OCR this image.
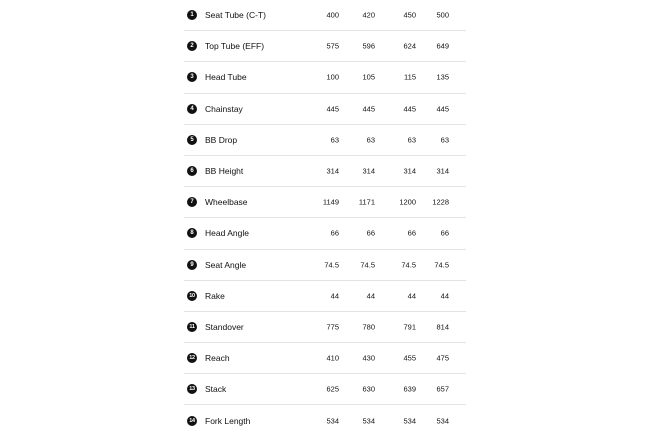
1	Seat Tube (C-T)	400	420	450	500
2	Top Tube (EFF)	575	596	624	649
3	Head Tube	100	105	115	135
4	Chainstay	445	445	445	445
5	BB Drop	63	63	63	63
6	BB Height	314	314	314	314
7	Wheelbase	1149	1171	1200	1228
8	Head Angle	66	66	66	66
9	Seat Angle	74.5	74.5	74.5	74.5
10 Rake	44	44	44	44
11 Standover	775	780	791	814
12 Reach	410	430	455	475
13 Stack	625	630	639	657
14 Fork Length	534	534	534	534
